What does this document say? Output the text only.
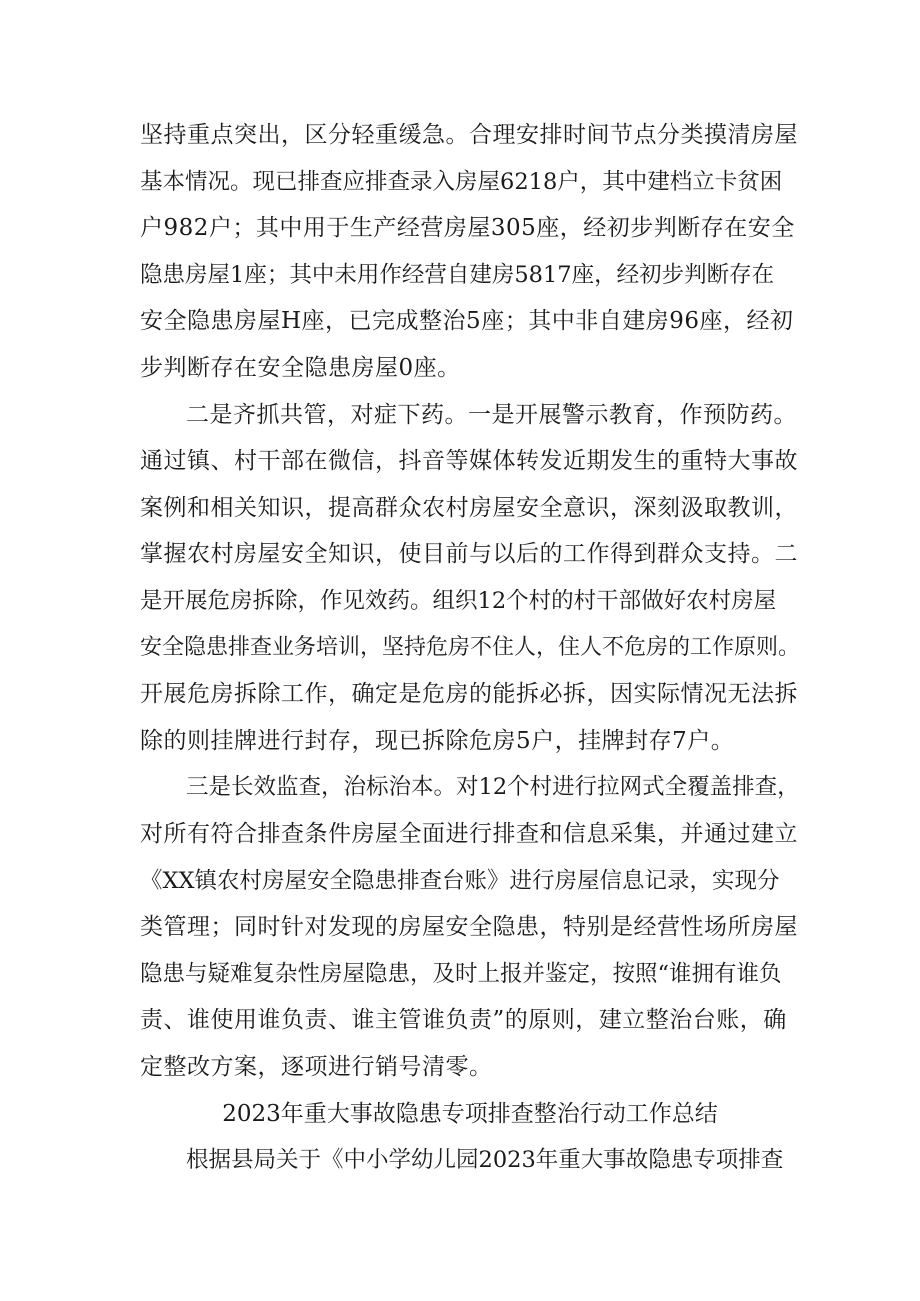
坚持重点突出，区分轻重缓急。合理安排时间节点分类摸清房屋
基本情况。现已排查应排查录入房屋6218户，其中建档立卡贫困
户982户；其中用于生产经营房屋305座，经初步判断存在安全
隐患房屋1座；其中未用作经营自建房5817座，经初步判断存在
安全隐患房屋H座，已完成整治5座；其中非自建房96座，经初
步判断存在安全隐患房屋0座。
二是齐抓共管，对症下药。一是开展警示教育，作预防药。
通过镇、村干部在微信，抖音等媒体转发近期发生的重特大事故
案例和相关知识，提高群众农村房屋安全意识，深刻汲取教训，
掌握农村房屋安全知识，使目前与以后的工作得到群众支持。二
是开展危房拆除，作见效药。组织12个村的村干部做好农村房屋
安全隐患排查业务培训，坚持危房不住人，住人不危房的工作原则。
开展危房拆除工作，确定是危房的能拆必拆，因实际情况无法拆
除的则挂牌进行封存，现已拆除危房5户，挂牌封存7户。
三是长效监查，治标治本。对12个村进行拉网式全覆盖排查，
对所有符合排查条件房屋全面进行排查和信息采集，并通过建立
《XX镇农村房屋安全隐患排查台账》进行房屋信息记录，实现分
类管理；同时针对发现的房屋安全隐患，特别是经营性场所房屋
隐患与疑难复杂性房屋隐患，及时上报并鉴定，按照“谁拥有谁负
责、谁使用谁负责、谁主管谁负责”的原则，建立整治台账，确
定整改方案，逐项进行销号清零。
2023年重大事故隐患专项排查整治行动工作总结
根据县局关于《中小学幼儿园2023年重大事故隐患专项排查
